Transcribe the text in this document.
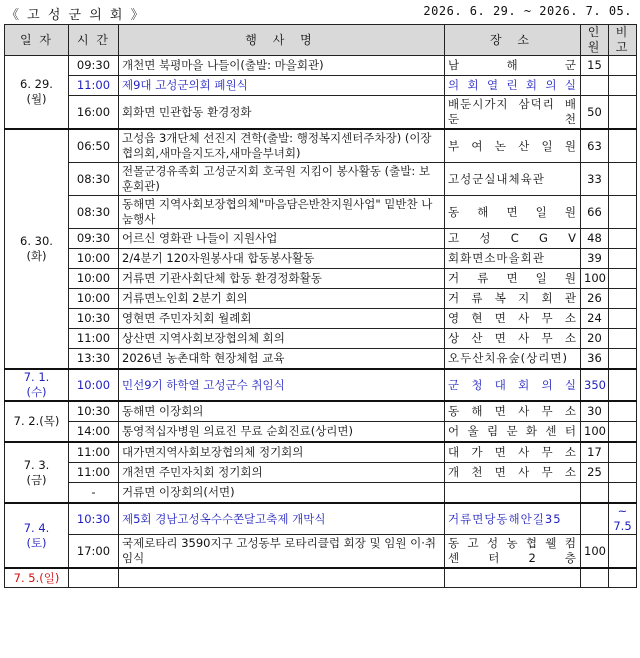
《 고 성 군 의 회 》	2026. 6. 29. ~ 2026. 7. 05.
일 자	시 간	행 사 명	장 소	인원	비고

6. 29.
(월)	09:30	개천면 북평마을 나들이(출발: 마을회관)	남 해 군	15	
	11:00	제9대 고성군의회 폐원식	의 회 열 린 회 의 실		
	16:00	회화면 민관합동 환경정화	배둔시가지 삼덕리 배 둔 천	50	

6. 30.
(화)	06:50	고성읍 3개단체 선진지 견학(출발: 행정복지센터주차장) (이장협의회,새마을지도자,새마을부녀회)	부 여 논 산 일 원	63	
	08:30	전몰군경유족회 고성군지회 호국원 지킴이 봉사활동 (출발: 보훈회관)	고성군실내체육관	33	
	08:30	동해면 지역사회보장협의체"마음담은반찬지원사업" 밑반찬 나눔행사	동 해 면 일 원	66	
	09:30	어르신 영화관 나들이 지원사업	고 성 C G V	48	
	10:00	2/4분기 120자원봉사대 합동봉사활동	회화면소마을회관	39	
	10:00	거류면 기관사회단체 합동 환경정화활동	거 류 면 일 원	100	
	10:00	거류면노인회 2분기 회의	거 류 복 지 회 관	26	
	10:30	영현면 주민자치회 월례회	영 현 면 사 무 소	24	
	11:00	상산면 지역사회보장협의체 회의	상 산 면 사 무 소	20	
	13:30	2026년 농촌대학 현장체험 교육	오두산치유숲(상리면)	36	

7. 1.
(수)	10:00	민선9기 하학열 고성군수 취임식	군 청 대 회 의 실	350	

7. 2.(목)	10:30	동해면 이장회의	동 해 면 사 무 소	30	
	14:00	통영적십자병원 의료진 무료 순회진료(상리면)	어 울 림 문 화 센 터	100	

7. 3.
(금)	11:00	대가면지역사회보장협의체 정기회의	대 가 면 사 무 소	17	
	11:00	개천면 주민자치회 정기회의	개 천 면 사 무 소	25	
	-	거류면 이장회의(서면)			

7. 4.
(토)	10:30	제5회 경남고성옥수수쫀달고축제 개막식	거류면당동해안길35		~ 7.5
	17:00	국제로타리 3590지구 고성동부 로타리클럽 회장 및 임원 이·취임식	동 고 성 농 협 웰 컴 센 터 2 층	100	
7. 5.(일)					
